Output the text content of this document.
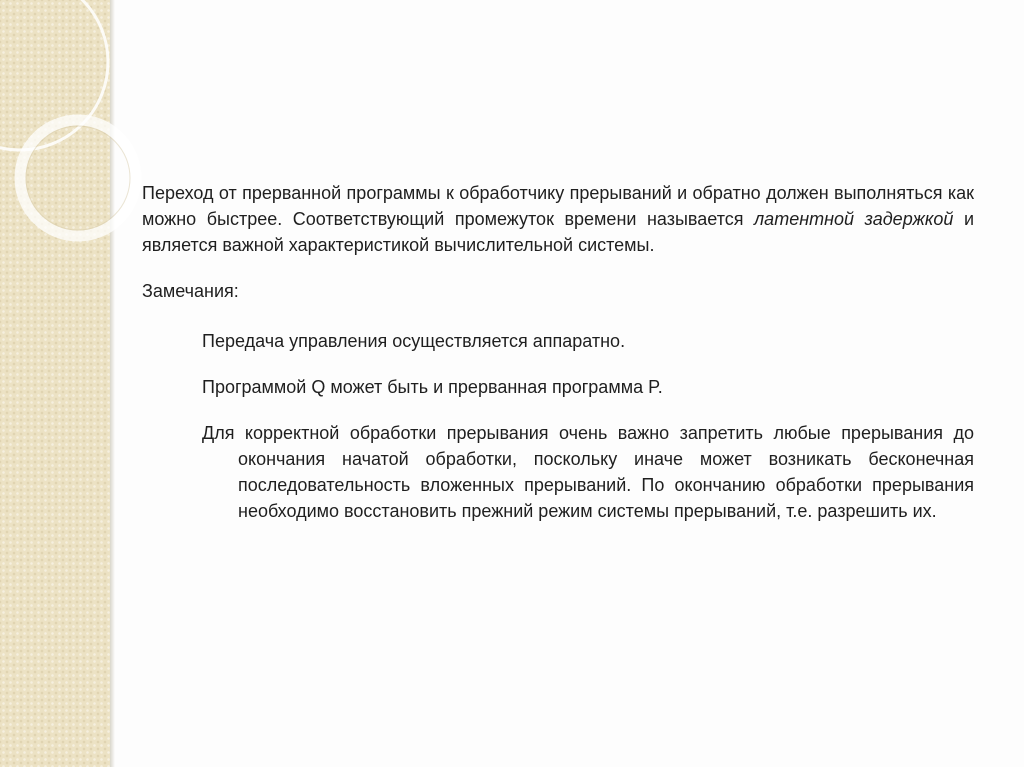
Переход от прерванной программы к обработчику прерываний и обратно должен выполняться как можно быстрее. Соответствующий промежуток времени называется латентной задержкой и является важной характеристикой вычислительной системы.

Замечания:

Передача управления осуществляется аппаратно.

Программой Q может быть и прерванная программа P.

Для корректной обработки прерывания очень важно запретить любые прерывания до окончания начатой обработки, поскольку иначе может возникать бесконечная последовательность вложенных прерываний. По окончанию обработки прерывания необходимо восстановить прежний режим системы прерываний, т.е. разрешить их.
